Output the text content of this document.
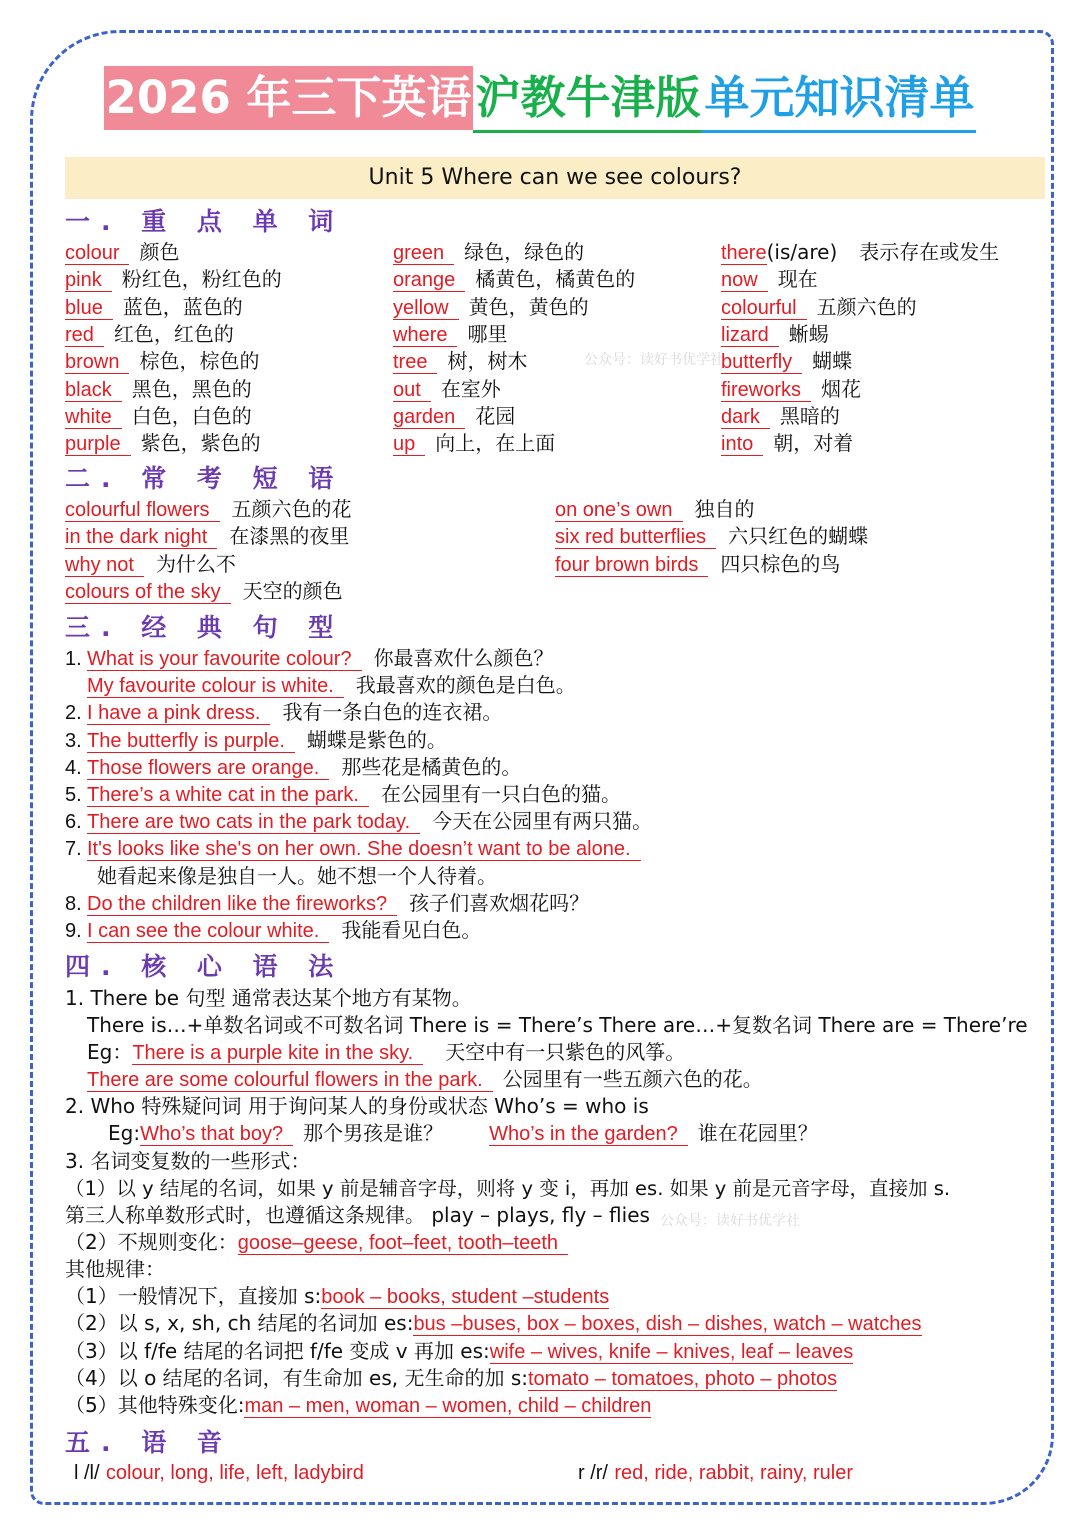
2026 年三下英语沪教牛津版单元知识清单
Unit 5 Where can we see colours?
公众号：读好书优学社
公众号：读好书优学社
一. 重 点 单 词
colour 颜色
pink 粉红色，粉红色的
blue 蓝色，蓝色的
red 红色，红色的
brown 棕色，棕色的
black 黑色，黑色的
white 白色，白色的
purple 紫色，紫色的
green 绿色，绿色的
orange 橘黄色，橘黄色的
yellow 黄色，黄色的
where 哪里
tree 树，树木
out 在室外
garden 花园
up 向上，在上面
there(is/are) 表示存在或发生
now 现在
colourful 五颜六色的
lizard 蜥蜴
butterfly 蝴蝶
fireworks 烟花
dark 黑暗的
into 朝，对着
二. 常 考 短 语
colourful flowers 五颜六色的花
in the dark night 在漆黑的夜里
why not 为什么不
colours of the sky 天空的颜色
on one’s own 独自的
six red butterflies 六只红色的蝴蝶
four brown birds 四只棕色的鸟
三. 经 典 句 型
1. What is your favourite colour? 你最喜欢什么颜色？
My favourite colour is white. 我最喜欢的颜色是白色。
2. I have a pink dress. 我有一条白色的连衣裙。
3. The butterfly is purple. 蝴蝶是紫色的。
4. Those flowers are orange. 那些花是橘黄色的。
5. There’s a white cat in the park. 在公园里有一只白色的猫。
6. There are two cats in the park today. 今天在公园里有两只猫。
7. It's looks like she's on her own. She doesn’t want to be alone.
她看起来像是独自一人。她不想一个人待着。
8. Do the children like the fireworks? 孩子们喜欢烟花吗？
9. I can see the colour white. 我能看见白色。
四. 核 心 语 法
1. There be 句型 通常表达某个地方有某物。
There is…+单数名词或不可数名词 There is = There’s There are…+复数名词 There are = There’re
Eg：There is a purple kite in the sky. 天空中有一只紫色的风筝。
There are some colourful flowers in the park. 公园里有一些五颜六色的花。
2. Who 特殊疑问词 用于询问某人的身份或状态 Who’s = who is
Eg:Who’s that boy? 那个男孩是谁？ Who’s in the garden? 谁在花园里？
3. 名词变复数的一些形式：
（1）以 y 结尾的名词，如果 y 前是辅音字母，则将 y 变 i，再加 es. 如果 y 前是元音字母，直接加 s.
第三人称单数形式时，也遵循这条规律。 play – plays, fly – flies
（2）不规则变化：goose–geese, foot–feet, tooth–teeth
其他规律：
（1）一般情况下，直接加 s:book – books, student –students
（2）以 s, x, sh, ch 结尾的名词加 es:bus –buses, box – boxes, dish – dishes, watch – watches
（3）以 f/fe 结尾的名词把 f/fe 变成 v 再加 es:wife – wives, knife – knives, leaf – leaves
（4）以 o 结尾的名词，有生命加 es, 无生命的加 s:tomato – tomatoes, photo – photos
（5）其他特殊变化:man – men, woman – women, child – children
五. 语 音
l /l/ colour, long, life, left, ladybird	r /r/ red, ride, rabbit, rainy, ruler
